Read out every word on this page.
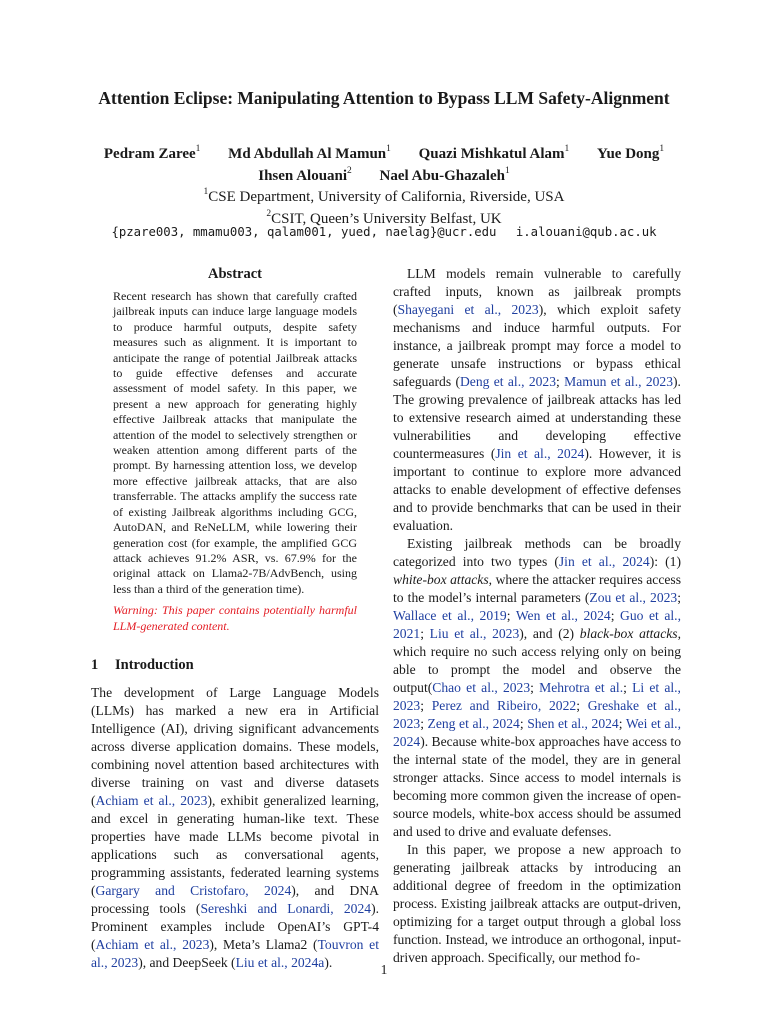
Attention Eclipse: Manipulating Attention to Bypass LLM Safety-Alignment
Pedram Zaree$^1$ Md Abdullah Al Mamun$^1$ Quazi Mishkatul Alam$^1$ Yue Dong$^1$
Ihsen Alouani$^2$ Nael Abu-Ghazaleh$^1$
$^1$CSE Department, University of California, Riverside, USA
$^2$CSIT, Queen’s University Belfast, UK
{pzare003, mmamu003, qalam001, yued, naelag}@ucr.edu i.alouani@qub.ac.uk
Abstract

Recent research has shown that carefully crafted jailbreak inputs can induce large language models to produce harmful outputs, despite safety measures such as alignment. It is important to anticipate the range of potential Jailbreak attacks to guide effective defenses and accurate assessment of model safety. In this paper, we present a new approach for generating highly effective Jailbreak attacks that manipulate the attention of the model to selectively strengthen or weaken attention among different parts of the prompt. By harnessing attention loss, we develop more effective jailbreak attacks, that are also transferrable. The attacks amplify the success rate of existing Jailbreak algorithms including GCG, AutoDAN, and ReNeLLM, while lowering their generation cost (for example, the amplified GCG attack achieves 91.2% ASR, vs. 67.9% for the original attack on Llama2-7B/AdvBench, using less than a third of the generation time).

Warning: This paper contains potentially harmful LLM-generated content.

1 Introduction

The development of Large Language Models (LLMs) has marked a new era in Artificial Intelligence (AI), driving significant advancements across diverse application domains. These models, combining novel attention based architectures with diverse training on vast and diverse datasets (Achiam et al., 2023), exhibit generalized learning, and excel in generating human-like text. These properties have made LLMs become pivotal in applications such as conversational agents, programming assistants, federated learning systems (Gargary and Cristofaro, 2024), and DNA processing tools (Sereshki and Lonardi, 2024). Prominent examples include OpenAI’s GPT-4 (Achiam et al., 2023), Meta’s Llama2 (Touvron et al., 2023), and DeepSeek (Liu et al., 2024a).

LLM models remain vulnerable to carefully crafted inputs, known as jailbreak prompts (Shayegani et al., 2023), which exploit safety mechanisms and induce harmful outputs. For instance, a jailbreak prompt may force a model to generate unsafe instructions or bypass ethical safeguards (Deng et al., 2023; Mamun et al., 2023). The growing prevalence of jailbreak attacks has led to extensive research aimed at understanding these vulnerabilities and developing effective countermeasures (Jin et al., 2024). However, it is important to continue to explore more advanced attacks to enable development of effective defenses and to provide benchmarks that can be used in their evaluation.

Existing jailbreak methods can be broadly categorized into two types (Jin et al., 2024): (1) white-box attacks, where the attacker requires access to the model’s internal parameters (Zou et al., 2023; Wallace et al., 2019; Wen et al., 2024; Guo et al., 2021; Liu et al., 2023), and (2) black-box attacks, which require no such access relying only on being able to prompt the model and observe the output(Chao et al., 2023; Mehrotra et al.; Li et al., 2023; Perez and Ribeiro, 2022; Greshake et al., 2023; Zeng et al., 2024; Shen et al., 2024; Wei et al., 2024). Because white-box approaches have access to the internal state of the model, they are in general stronger attacks. Since access to model internals is becoming more common given the increase of open-source models, white-box access should be assumed and used to drive and evaluate defenses.

In this paper, we propose a new approach to generating jailbreak attacks by introducing an additional degree of freedom in the optimization process. Existing jailbreak attacks are output-driven, optimizing for a target output through a global loss function. Instead, we introduce an orthogonal, input-driven approach. Specifically, our method fo-

1
